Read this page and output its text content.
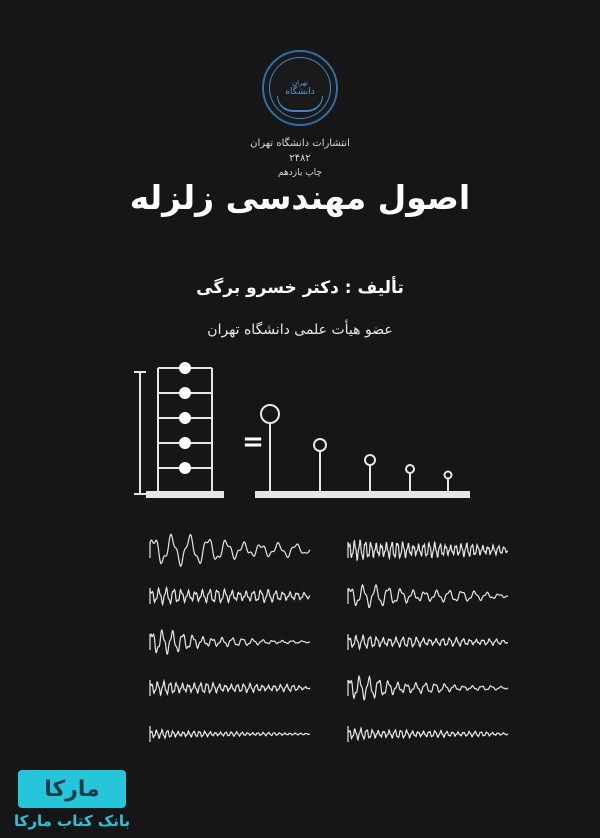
تهران
دانشگاه
انتشارات دانشگاه تهران
۲۴۸۲
چاپ یازدهم
اصول مهندسی زلزله
تألیف : دکتر خسرو برگی
عضو هیأت علمی دانشگاه تهران
=
مارکا
بانک کتاب مارکا
